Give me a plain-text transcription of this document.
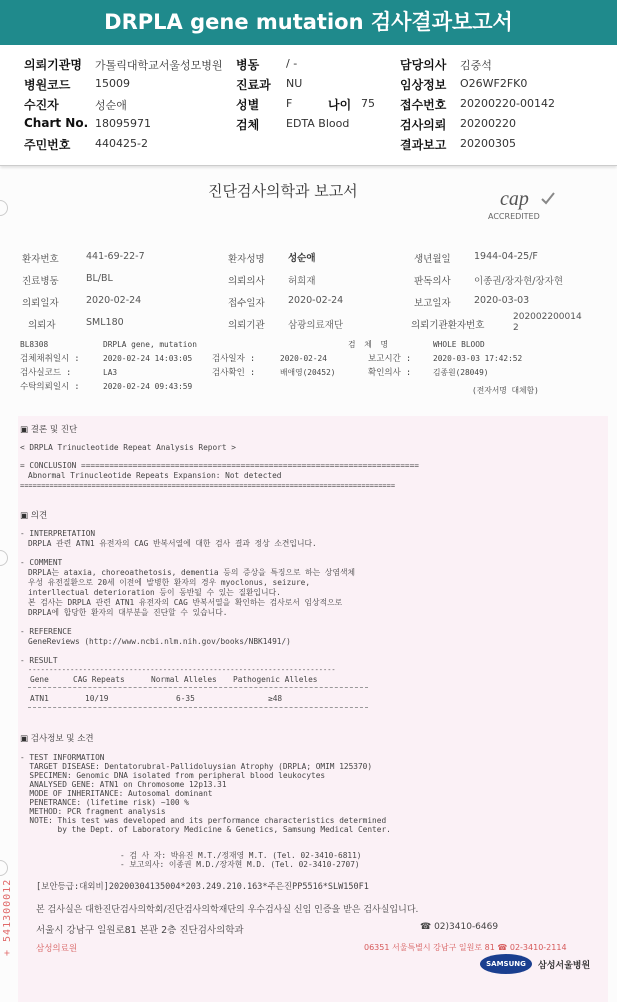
DRPLA gene mutation 검사결과보고서
의뢰기관명 가톨릭대학교서울성모병원 병동 / -	담당의사 김중석
병원코드 15009	진료과 NU	임상정보 O26WF2FK0
수진자	성순애	성별 F	나이 75 접수번호 20200220-00142
Chart No. 18095971	검체 EDTA Blood	검사의뢰 20200220
주민번호 440425-2	결과보고 20200305
진단검사의학과 보고서	cap
ACCREDITED
환자번호	441-69-22-7	환자성명 성순애	생년월일 1944-04-25/F
진료병동	BL/BL	의뢰의사 허희재	판독의사 이종권/장자현/장자현
의뢰일자	2020-02-24	접수일자 2020-02-24	보고일자 2020-03-03
의뢰자	SML180	의뢰기관 삼광의료재단	의뢰기관환자번호
202002200014
2
BL8308	DRPLA gene, mutation	검 체 명	WHOLE BLOOD
검체채취일시 :	2020-02-24 14:03:05 검사일자 :	2020-02-24	보고시간 :	2020-03-03 17:42:52
검사실코드 :	LA3	검사확인 :	배애영(20452)	확인의사 :	김종원(28049)
수탁의뢰일시 :	2020-02-24 09:43:59	(전자서명 대체함)
▣ 결론 및 진단
< DRPLA Trinucleotide Repeat Analysis Report >
= CONCLUSION ========================================================================
Abnormal Trinucleotide Repeats Expansion: Not detected
=========================================================================================
▣ 의견
- INTERPRETATION
DRPLA 관련 ATN1 유전자의 CAG 반복서열에 대한 검사 결과 정상 소견입니다.
- COMMENT
DRPLA는 ataxia, choreoathetosis, dementia 등의 증상을 특징으로 하는 상염색체
우성 유전질환으로 20세 이전에 발병한 환자의 경우 myoclonus, seizure,
interllectual deterioration 등이 동반될 수 있는 질환입니다.
본 검사는 DRPLA 관련 ATN1 유전자의 CAG 반복서열을 확인하는 검사로서 임상적으로
DRPLA에 합당한 환자의 대부분을 진단할 수 있습니다.
- REFERENCE
GeneReviews (http://www.ncbi.nlm.nih.gov/books/NBK1491/)
- RESULT
-------------------------------------------------------------------------
Gene	CAG Repeats	Normal Alleles Pathogenic Alleles
ATN1	10/19	6-35	≥48
▣ 검사정보 및 소견
- TEST INFORMATION
TARGET DISEASE: Dentatorubral-Pallidoluysian Atrophy (DRPLA; OMIM 125370)
SPECIMEN: Genomic DNA isolated from peripheral blood leukocytes
ANALYSED GENE: ATN1 on Chromosome 12p13.31
MODE OF INHERITANCE: Autosomal dominant
PENETRANCE: (lifetime risk) ~100 %
METHOD: PCR fragment analysis
NOTE: This test was developed and its performance characteristics determined
by the Dept. of Laboratory Medicine & Genetics, Samsung Medical Center.
- 검 사 자: 박유진 M.T./정재영 M.T. (Tel. 02-3410-6811)
- 보고의사: 이종권 M.D./장자현 M.D. (Tel. 02-3410-2707)
[보안등급:대외비]20200304135004*203.249.210.163*주은진PP5516*SLW150F1
본 검사실은 대한진단검사의학회/진단검사의학재단의 우수검사실 신임 인증을 받은 검사실입니다.
서울시 강남구 일원로81 본관 2층 진단검사의학과	☎ 02)3410-6469
삼성의료원	06351 서울특별시 강남구 일원로 81 ☎ 02-3410-2114
SAMSUNG	삼성서울병원
+ 541300012
